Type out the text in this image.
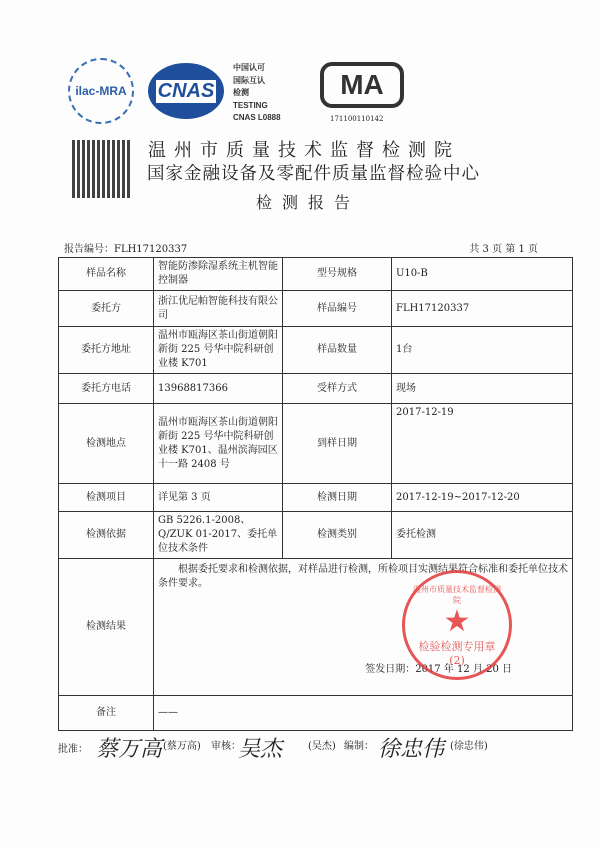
ilac-MRA CNAS
中国认可
国际互认
检测
TESTING
CNAS L0888
MA
171100110142
温州市质量技术监督检测院
国家金融设备及零配件质量监督检验中心
检测报告
报告编号：FLH17120337	共 3 页 第 1 页
样品名称	智能防渗除湿系统主机智能控制器	型号规格	U10-B
委托方	浙江优尼帕智能科技有限公司	样品编号	FLH17120337
委托方地址	温州市瓯海区茶山街道朝阳新街 225 号华中院科研创业楼 K701	样品数量	1台
委托方电话	13968817366	受样方式	现场
检测地点	温州市瓯海区茶山街道朝阳新街 225 号华中院科研创业楼 K701、温州滨海园区十一路 2408 号	到样日期	2017-12-19
检测项目	详见第 3 页	检测日期	2017-12-19~2017-12-20
检测依据	GB 5226.1-2008、Q/ZUK 01-2017、委托单位技术条件	检测类别	委托检测
检测结果	根据委托要求和检测依据，对样品进行检测，所检项目实测结果符合标准和委托单位技术条件要求。
签发日期：2017 年 12 月 20 日		

备注	——		
温州市质量技术监督检测院
★
检验检测专用章
(2)
批准： 蔡万高 (蔡万高) 审核：
吴杰	(吴杰) 编制： 徐忠伟 (徐忠伟)
